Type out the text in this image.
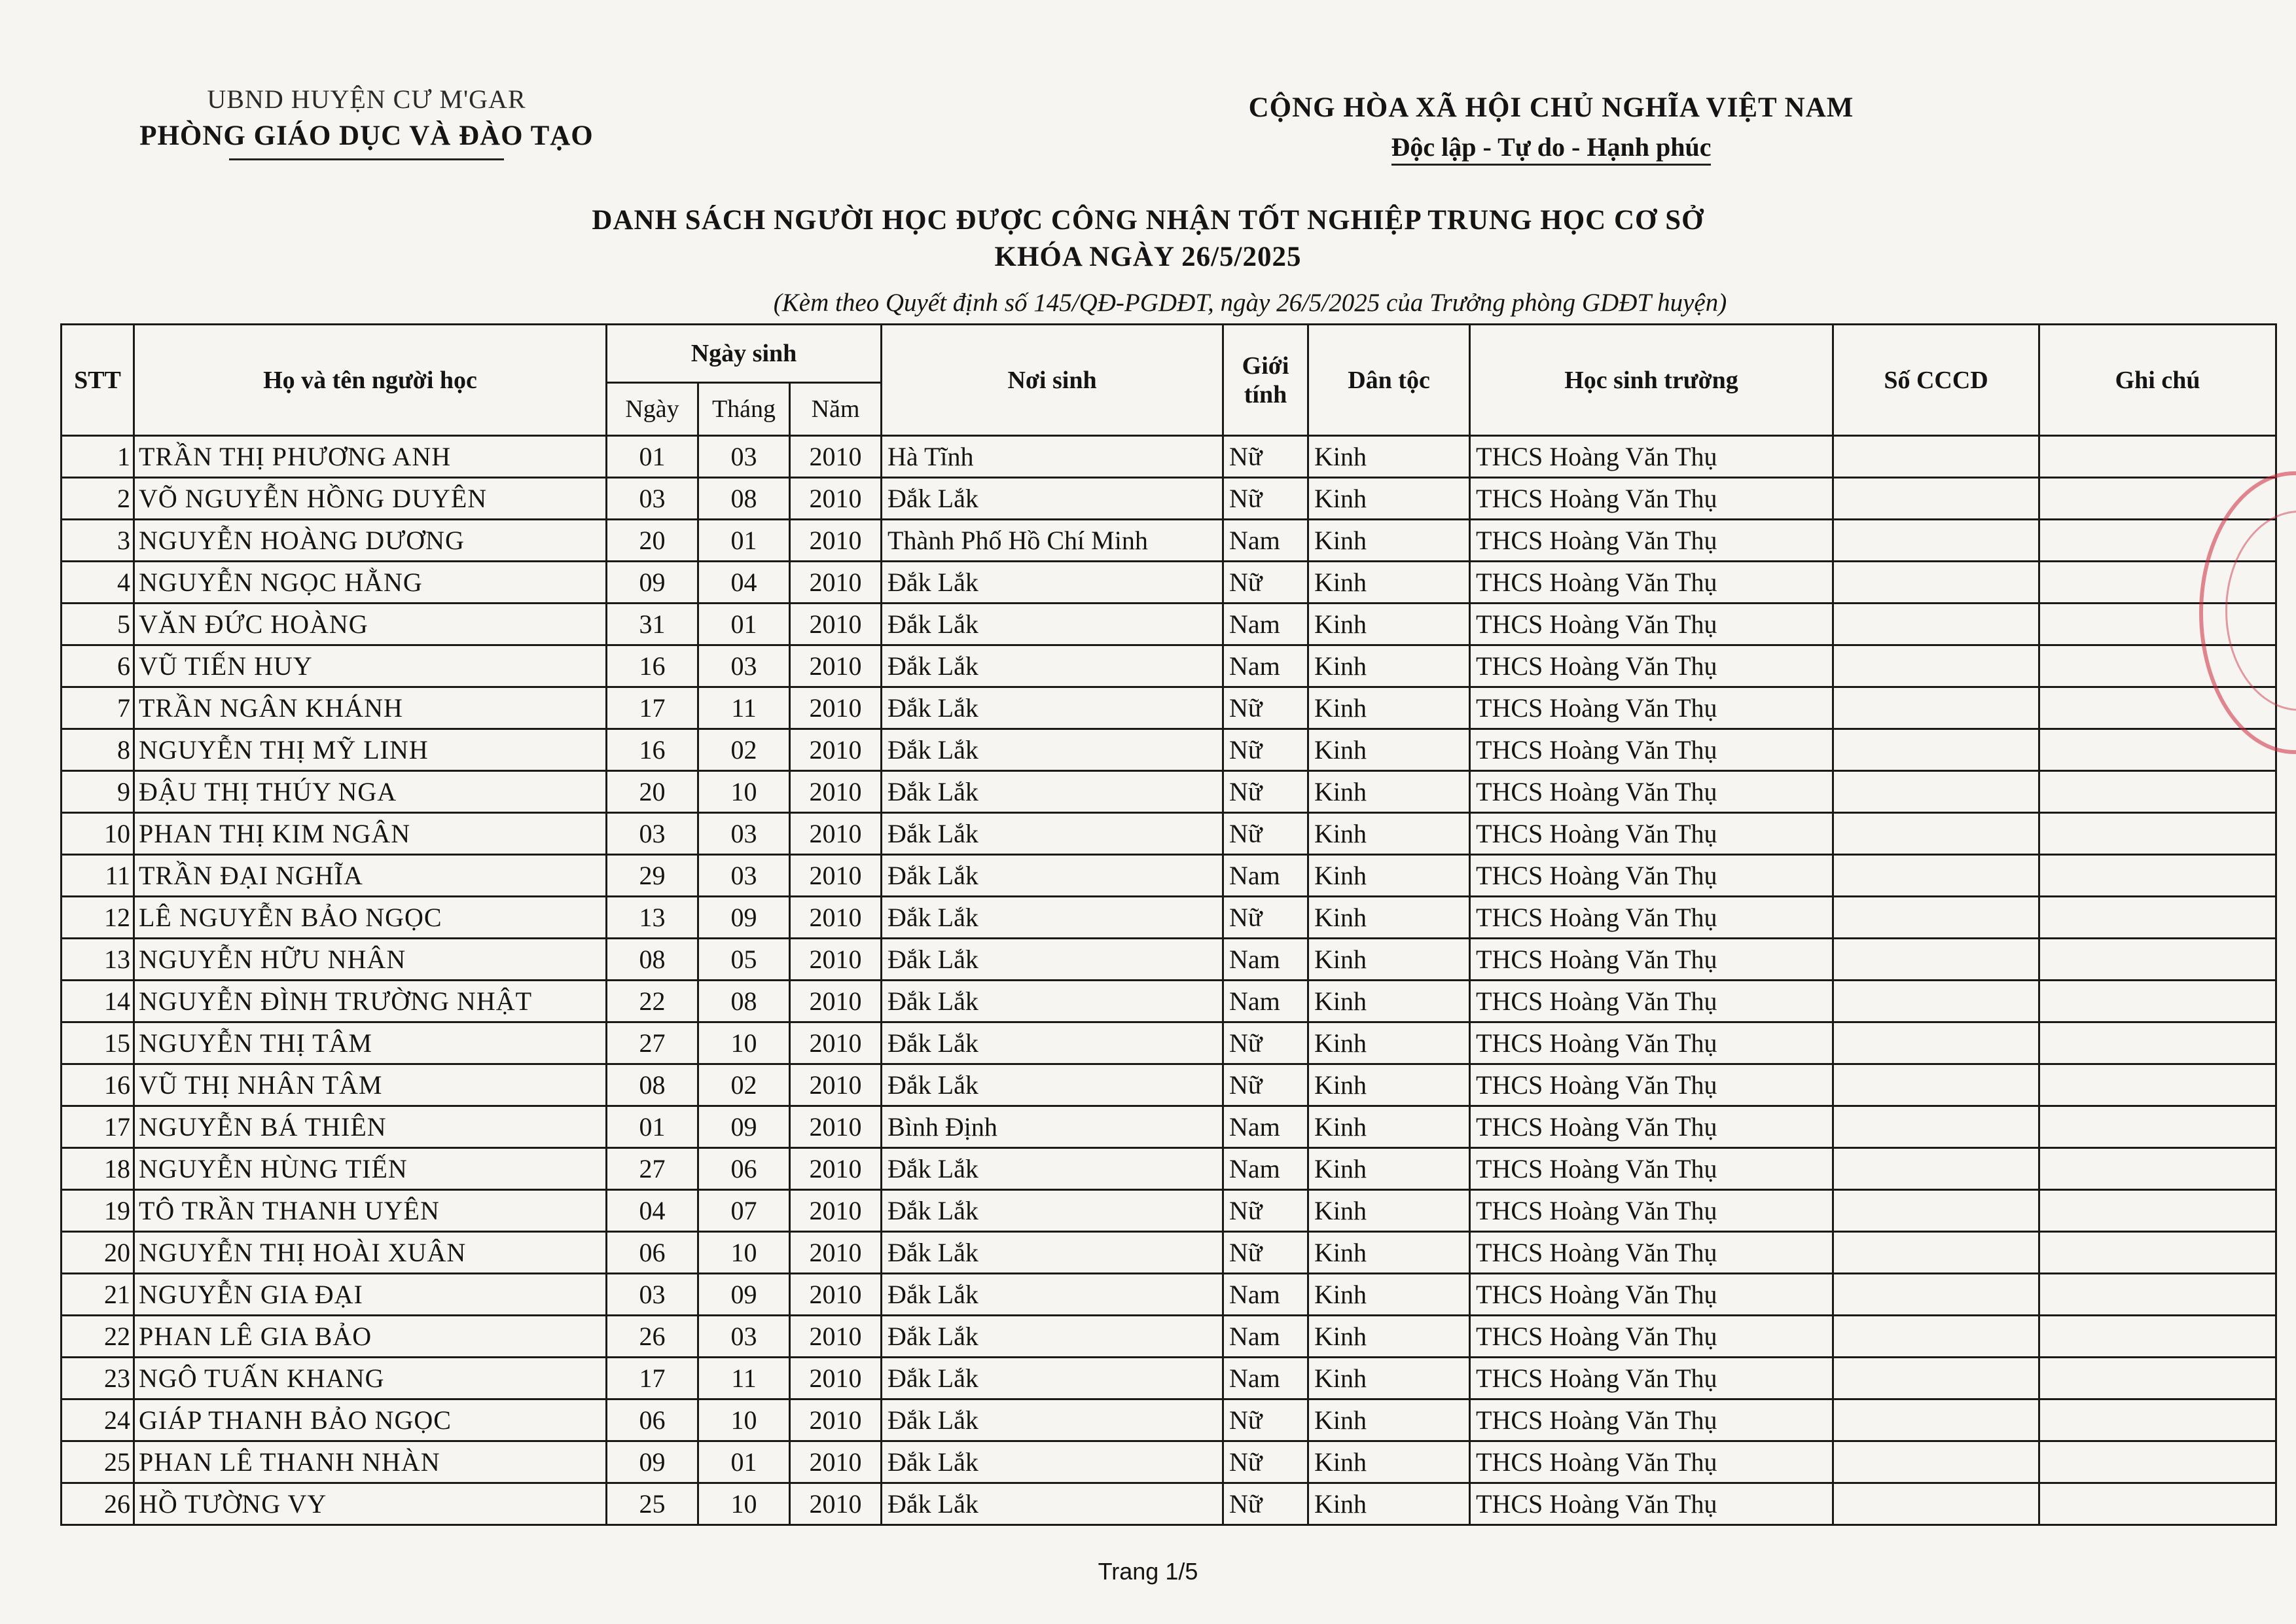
UBND HUYỆN CƯ M'GAR
PHÒNG GIÁO DỤC VÀ ĐÀO TẠO
CỘNG HÒA XÃ HỘI CHỦ NGHĨA VIỆT NAM
Độc lập - Tự do - Hạnh phúc
DANH SÁCH NGƯỜI HỌC ĐƯỢC CÔNG NHẬN TỐT NGHIỆP TRUNG HỌC CƠ SỞ
KHÓA NGÀY 26/5/2025
(Kèm theo Quyết định số 145/QĐ-PGDĐT, ngày 26/5/2025 của Trưởng phòng GDĐT huyện)
STT	Họ và tên người học	Ngày sinh			Nơi sinh	Giới tính	Dân tộc	Học sinh trường	Số CCCD	Ghi chú
		Ngày	Tháng	Năm						
1	TRẦN THỊ PHƯƠNG ANH	01	03	2010	Hà Tĩnh	Nữ	Kinh	THCS Hoàng Văn Thụ		
2	VÕ NGUYỄN HỒNG DUYÊN	03	08	2010	Đắk Lắk	Nữ	Kinh	THCS Hoàng Văn Thụ		
3	NGUYỄN HOÀNG DƯƠNG	20	01	2010	Thành Phố Hồ Chí Minh	Nam	Kinh	THCS Hoàng Văn Thụ		
4	NGUYỄN NGỌC HẰNG	09	04	2010	Đắk Lắk	Nữ	Kinh	THCS Hoàng Văn Thụ		
5	VĂN ĐỨC HOÀNG	31	01	2010	Đắk Lắk	Nam	Kinh	THCS Hoàng Văn Thụ		
6	VŨ TIẾN HUY	16	03	2010	Đắk Lắk	Nam	Kinh	THCS Hoàng Văn Thụ		
7	TRẦN NGÂN KHÁNH	17	11	2010	Đắk Lắk	Nữ	Kinh	THCS Hoàng Văn Thụ		
8	NGUYỄN THỊ MỸ LINH	16	02	2010	Đắk Lắk	Nữ	Kinh	THCS Hoàng Văn Thụ		
9	ĐẬU THỊ THÚY NGA	20	10	2010	Đắk Lắk	Nữ	Kinh	THCS Hoàng Văn Thụ		
10	PHAN THỊ KIM NGÂN	03	03	2010	Đắk Lắk	Nữ	Kinh	THCS Hoàng Văn Thụ		
11	TRẦN ĐẠI NGHĨA	29	03	2010	Đắk Lắk	Nam	Kinh	THCS Hoàng Văn Thụ		
12	LÊ NGUYỄN BẢO NGỌC	13	09	2010	Đắk Lắk	Nữ	Kinh	THCS Hoàng Văn Thụ		
13	NGUYỄN HỮU NHÂN	08	05	2010	Đắk Lắk	Nam	Kinh	THCS Hoàng Văn Thụ		
14	NGUYỄN ĐÌNH TRƯỜNG NHẬT	22	08	2010	Đắk Lắk	Nam	Kinh	THCS Hoàng Văn Thụ		
15	NGUYỄN THỊ TÂM	27	10	2010	Đắk Lắk	Nữ	Kinh	THCS Hoàng Văn Thụ		
16	VŨ THỊ NHÂN TÂM	08	02	2010	Đắk Lắk	Nữ	Kinh	THCS Hoàng Văn Thụ		
17	NGUYỄN BÁ THIÊN	01	09	2010	Bình Định	Nam	Kinh	THCS Hoàng Văn Thụ		
18	NGUYỄN HÙNG TIẾN	27	06	2010	Đắk Lắk	Nam	Kinh	THCS Hoàng Văn Thụ		
19	TÔ TRẦN THANH UYÊN	04	07	2010	Đắk Lắk	Nữ	Kinh	THCS Hoàng Văn Thụ		
20	NGUYỄN THỊ HOÀI XUÂN	06	10	2010	Đắk Lắk	Nữ	Kinh	THCS Hoàng Văn Thụ		
21	NGUYỄN GIA ĐẠI	03	09	2010	Đắk Lắk	Nam	Kinh	THCS Hoàng Văn Thụ		
22	PHAN LÊ GIA BẢO	26	03	2010	Đắk Lắk	Nam	Kinh	THCS Hoàng Văn Thụ		
23	NGÔ TUẤN KHANG	17	11	2010	Đắk Lắk	Nam	Kinh	THCS Hoàng Văn Thụ		
24	GIÁP THANH BẢO NGỌC	06	10	2010	Đắk Lắk	Nữ	Kinh	THCS Hoàng Văn Thụ		
25	PHAN LÊ THANH NHÀN	09	01	2010	Đắk Lắk	Nữ	Kinh	THCS Hoàng Văn Thụ		
26	HỒ TƯỜNG VY	25	10	2010	Đắk Lắk	Nữ	Kinh	THCS Hoàng Văn Thụ		
Trang 1/5
